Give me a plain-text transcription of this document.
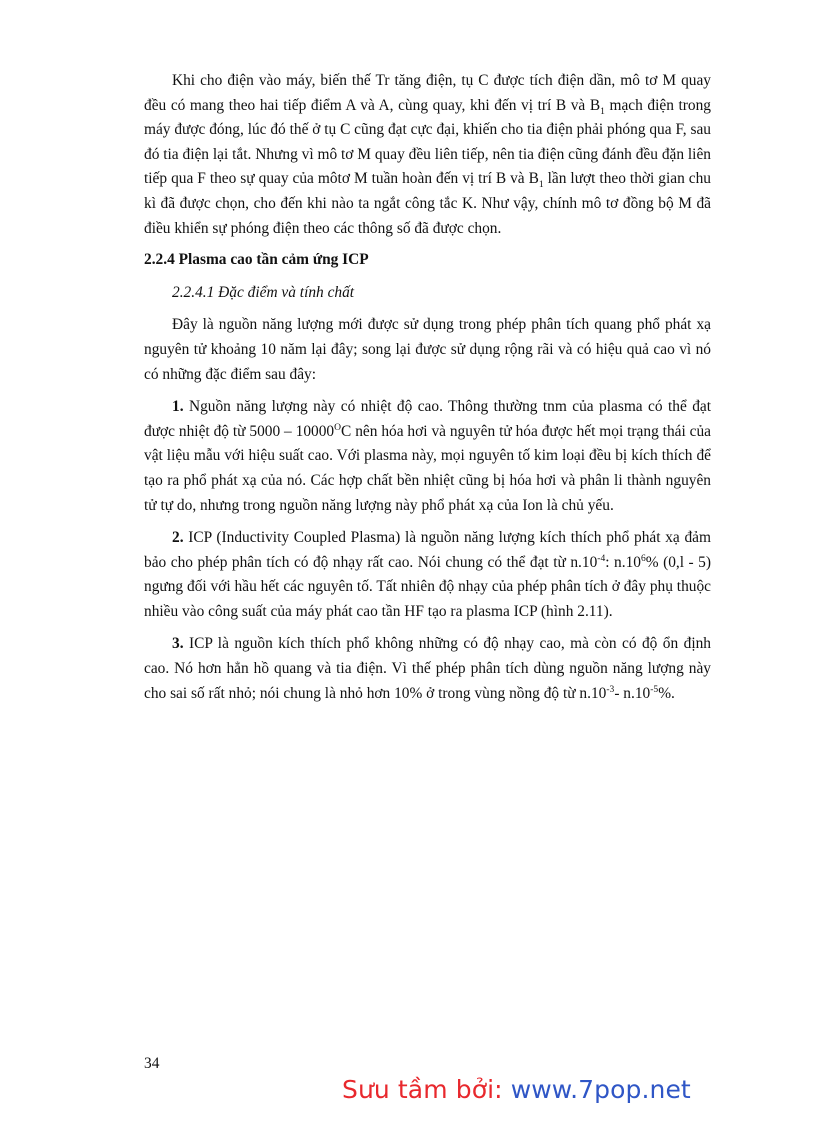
Khi cho điện vào máy, biến thế Tr tăng điện, tụ C được tích điện dần, mô tơ M quay đều có mang theo hai tiếp điểm A và A, cùng quay, khi đến vị trí B và $B_1$ mạch điện trong máy được đóng, lúc đó thế ở tụ C cũng đạt cực đại, khiến cho tia điện phải phóng qua F, sau đó tia điện lại tắt. Nhưng vì mô tơ M quay đều liên tiếp, nên tia điện cũng đánh đều đặn liên tiếp qua F theo sự quay của môtơ M tuần hoàn đến vị trí B và $B_1$ lần lượt theo thời gian chu kì đã được chọn, cho đến khi nào ta ngắt công tắc K. Như vậy, chính mô tơ đồng bộ M đã điều khiển sự phóng điện theo các thông số đã được chọn.

2.2.4 Plasma cao tần cảm ứng ICP

2.2.4.1 Đặc điểm và tính chất

Đây là nguồn năng lượng mới được sử dụng trong phép phân tích quang phổ phát xạ nguyên tử khoảng 10 năm lại đây; song lại được sử dụng rộng rãi và có hiệu quả cao vì nó có những đặc điểm sau đây:

1. Nguồn năng lượng này có nhiệt độ cao. Thông thường tnm của plasma có thể đạt được nhiệt độ từ $5000 - 10000^OC$ nên hóa hơi và nguyên tử hóa được hết mọi trạng thái của vật liệu mẫu với hiệu suất cao. Với plasma này, mọi nguyên tố kim loại đều bị kích thích để tạo ra phổ phát xạ của nó. Các hợp chất bền nhiệt cũng bị hóa hơi và phân li thành nguyên tử tự do, nhưng trong nguồn năng lượng này phổ phát xạ của Ion là chủ yếu.

2. ICP (Inductivity Coupled Plasma) là nguồn năng lượng kích thích phổ phát xạ đảm bảo cho phép phân tích có độ nhạy rất cao. Nói chung có thể đạt từ $n.10^{-4}$: $n.10^6\%$ (0,l - 5) ngưng đối với hầu hết các nguyên tố. Tất nhiên độ nhạy của phép phân tích ở đây phụ thuộc nhiều vào công suất của máy phát cao tần HF tạo ra plasma ICP (hình 2.11).

3. ICP là nguồn kích thích phổ không những có độ nhạy cao, mà còn có độ ổn định cao. Nó hơn hẳn hồ quang và tia điện. Vì thế phép phân tích dùng nguồn năng lượng này cho sai số rất nhỏ; nói chung là nhỏ hơn 10% ở trong vùng nồng độ từ $n.10^{-3}-$ $n.10^{-5}\%$.

34
Sưu tầm bởi: www.7pop.net
